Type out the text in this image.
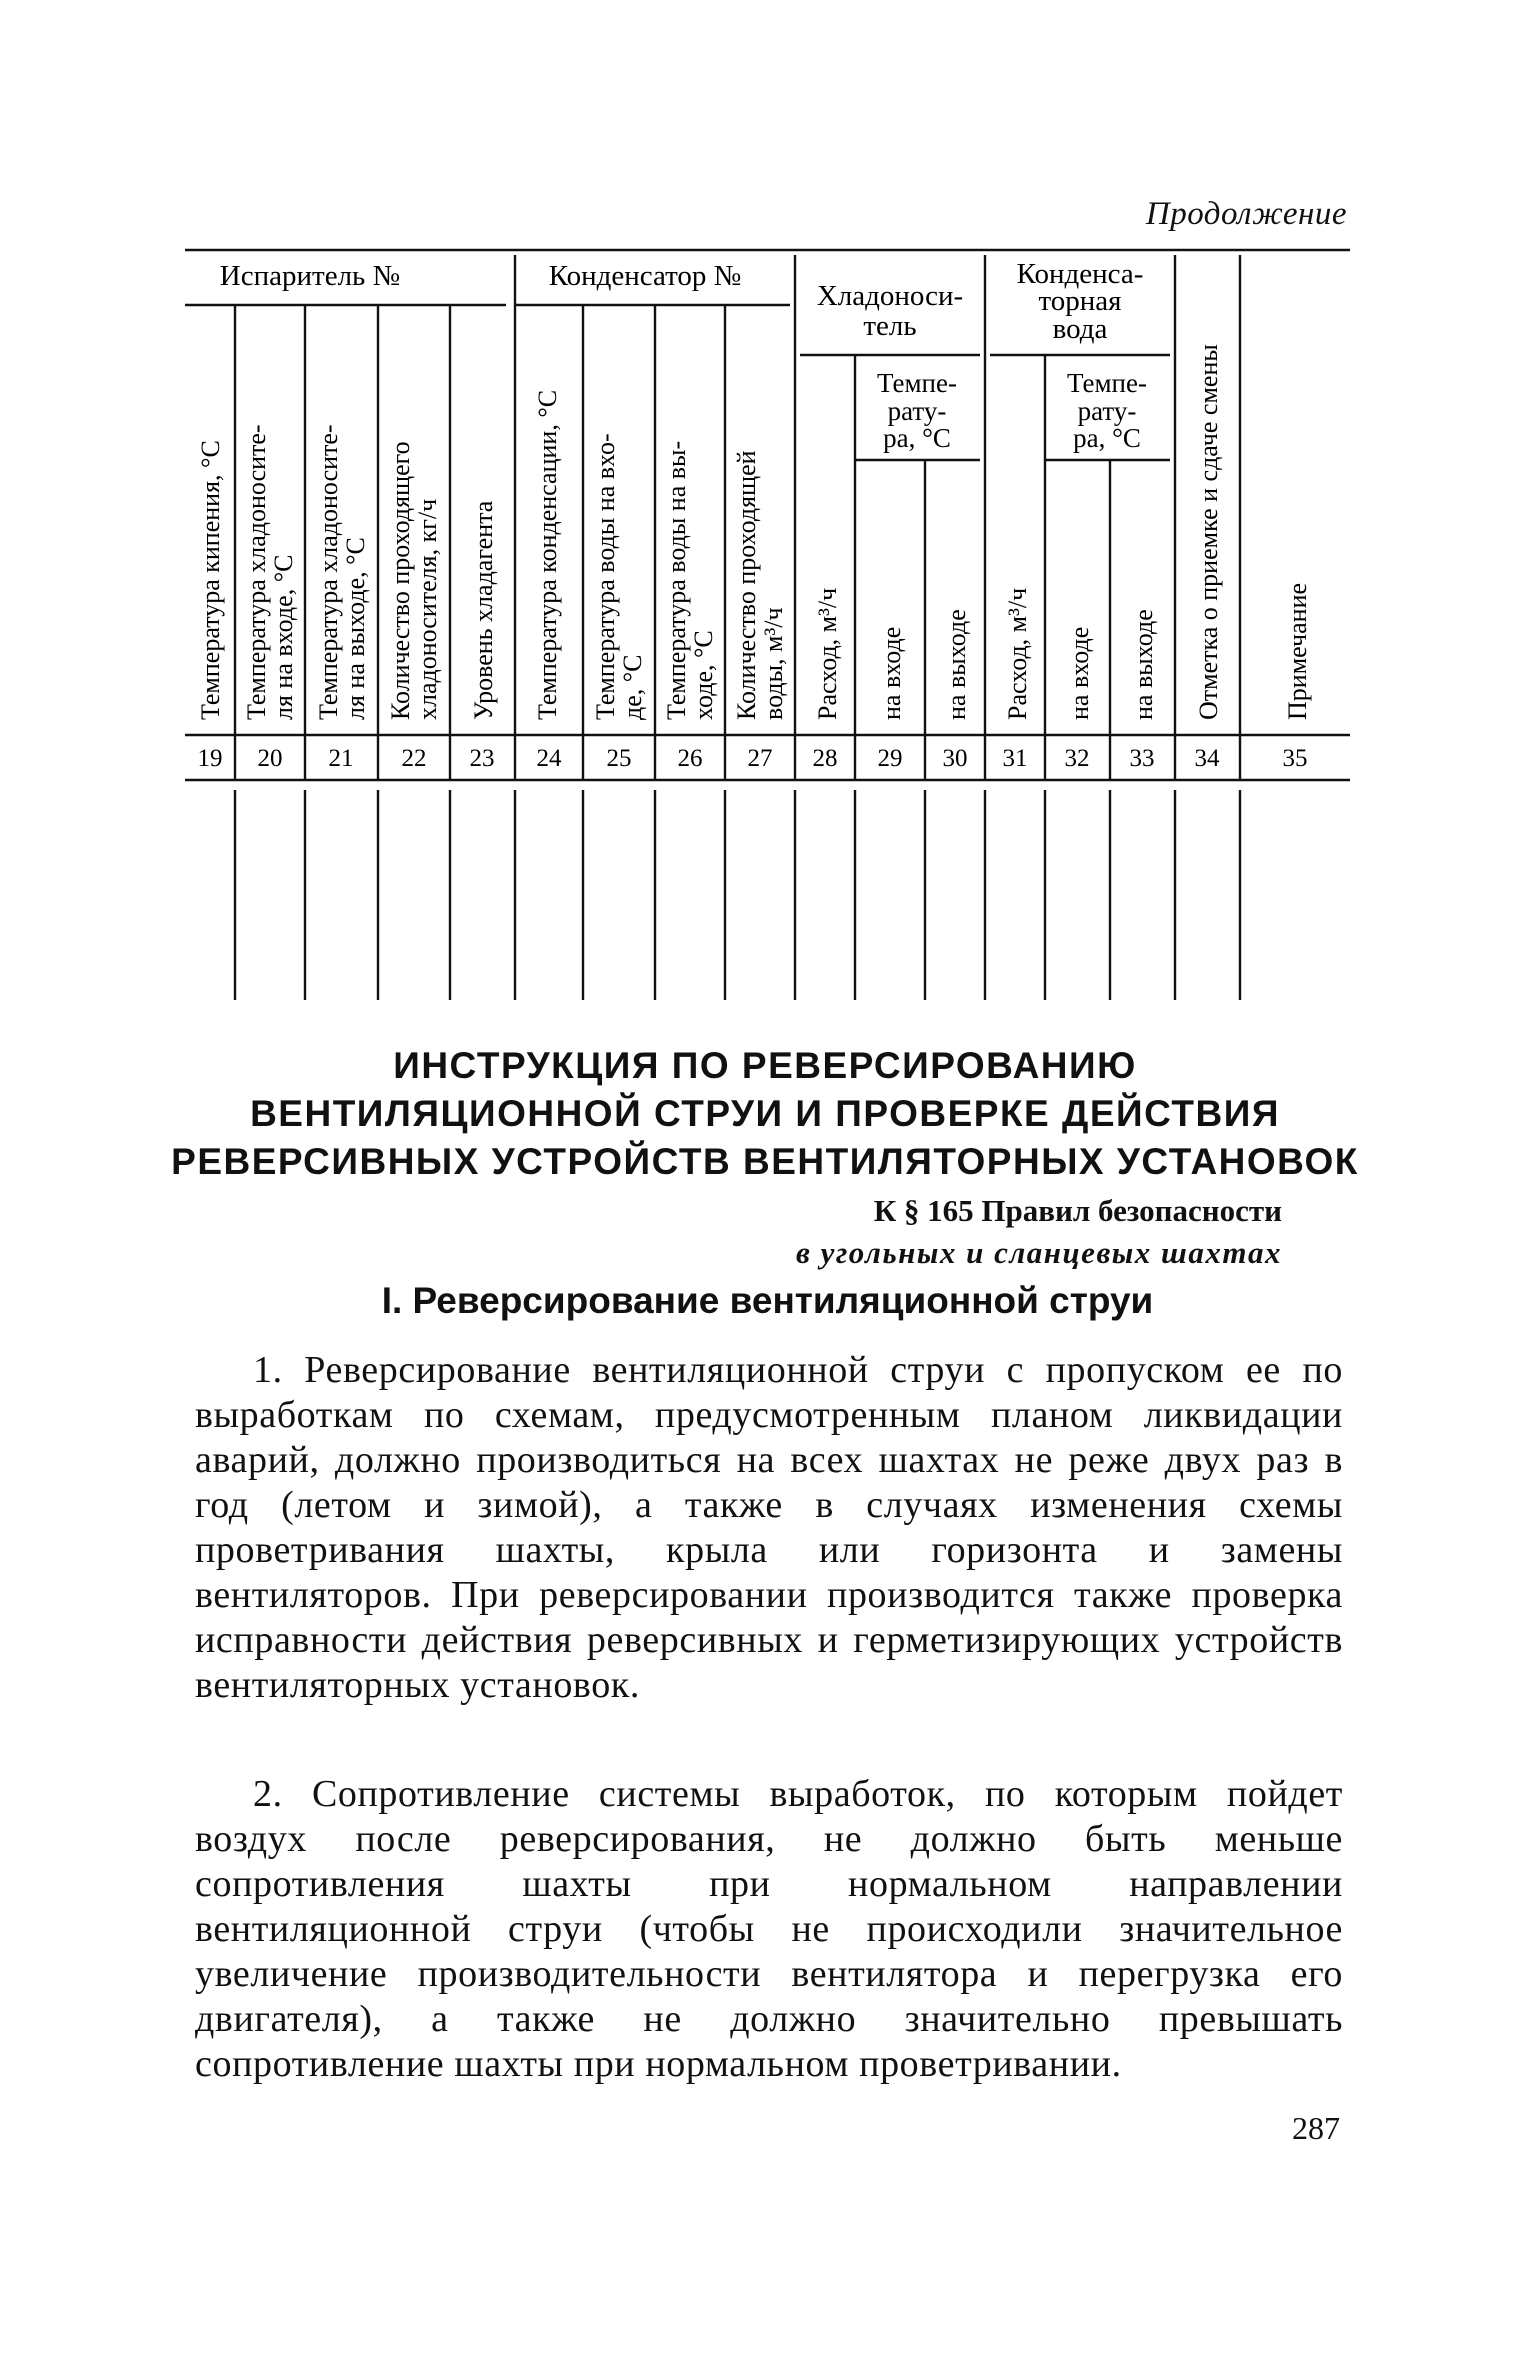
Продолжение
Испаритель №	Конденсатор №
Хладоноси-
тель
Конденса-
торная
вода
Темпе-
рату-
ра, °С
Темпе-
рату-
ра, °С
Температура кипения, °С Температура хладоносите-
ля на входе, °С Температура хладоносите-
ля на выходе, °С Количество проходящего
хладоносителя, кг/ч Уровень хладагента Температура конденсации, °С Температура воды на вхо-
де, °С Температура воды на вы-
ходе, °С Количество проходящей
воды, м³/ч Расход, м³/ч на входе на выходе Расход, м³/ч на входе на выходе Отметка о приемке и сдаче смены Примечание
19 20 21 22 23 24 25 26 27 28 29 30 31 32 33 34	35
ИНСТРУКЦИЯ ПО РЕВЕРСИРОВАНИЮ
ВЕНТИЛЯЦИОННОЙ СТРУИ И ПРОВЕРКЕ ДЕЙСТВИЯ
РЕВЕРСИВНЫХ УСТРОЙСТВ ВЕНТИЛЯТОРНЫХ УСТАНОВОК
К § 165 Правил безопасности
в угольных и сланцевых шахтах
I. Реверсирование вентиляционной струи

1. Реверсирование вентиляционной струи с пропуском ее по выработкам по схемам, предусмотренным планом ликвидации аварий, должно производиться на всех шахтах не реже двух раз в год (летом и зимой), а также в случаях изменения схемы проветривания шахты, крыла или горизонта и замены вентиляторов. При реверсировании производится также проверка исправности действия реверсивных и герметизирующих устройств вентиляторных установок.

2. Сопротивление системы выработок, по которым пойдет воздух после реверсирования, не должно быть меньше сопротивления шахты при нормальном направлении вентиляционной струи (чтобы не происходили значительное увеличение производительности вентилятора и перегрузка его двигателя), а также не должно значительно превышать сопротивление шахты при нормальном проветривании.

287
